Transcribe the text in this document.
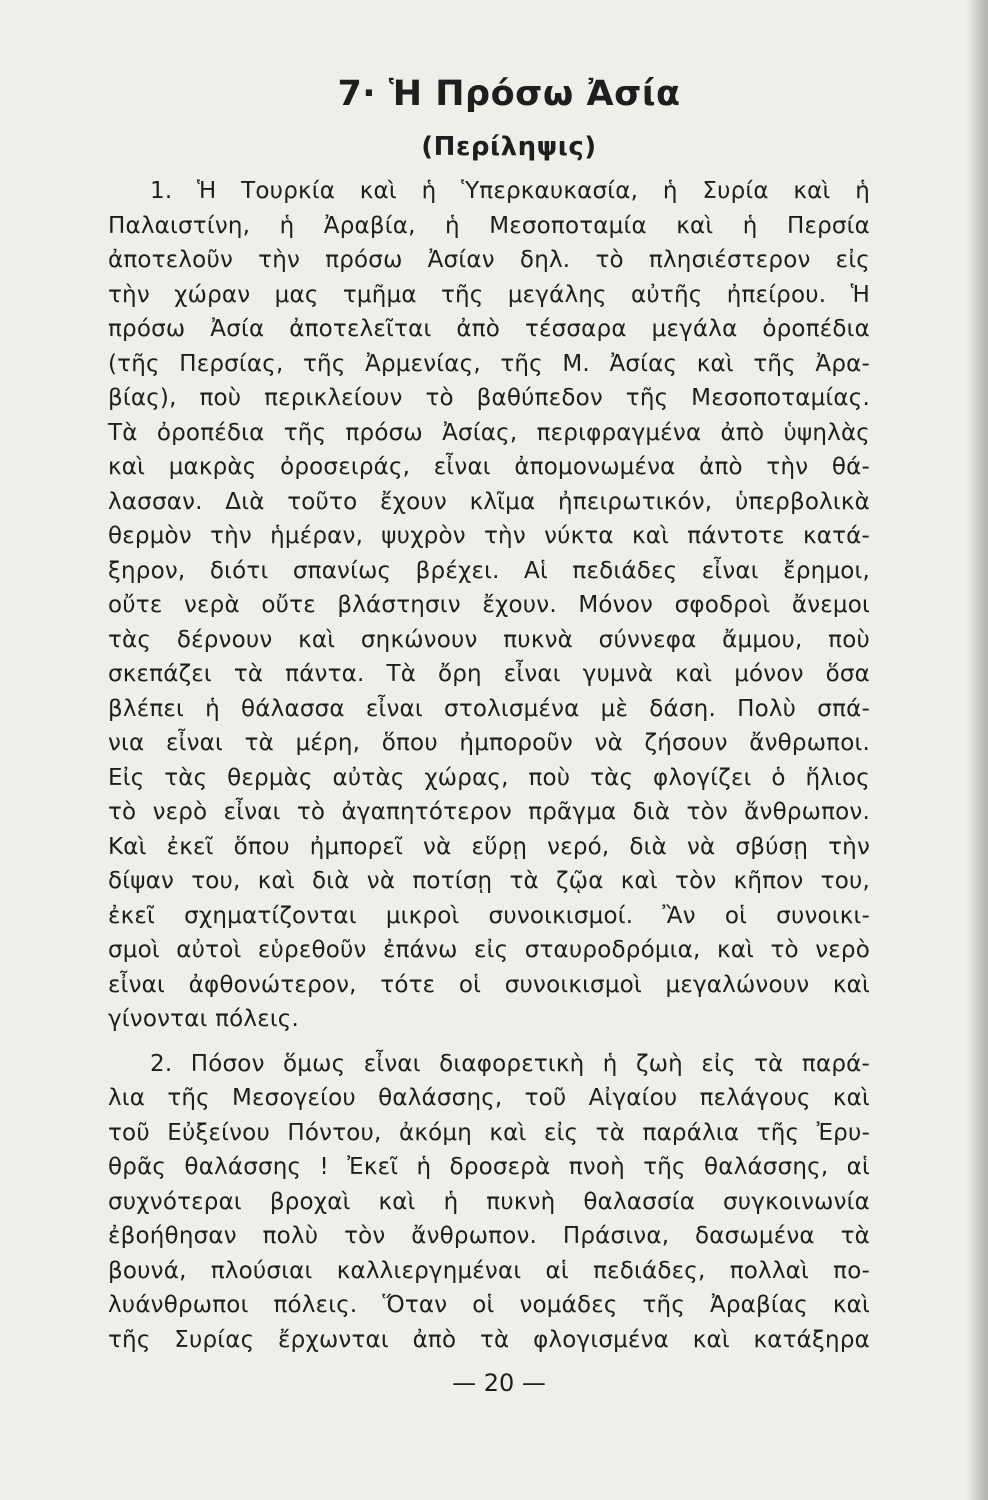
7· Ἡ Πρόσω Ἀσία
(Περίληψις)
1. Ἡ Τουρκία καὶ ἡ Ὑπερκαυκασία, ἡ Συρία καὶ ἡ
Παλαιστίνη, ἡ Ἀραβία, ἡ Μεσοποταμία καὶ ἡ Περσία
ἀποτελοῦν τὴν πρόσω Ἀσίαν δηλ. τὸ πλησιέστερον εἰς
τὴν χώραν μας τμῆμα τῆς μεγάλης αὐτῆς ἠπείρου. Ἡ
πρόσω Ἀσία ἀποτελεῖται ἀπὸ τέσσαρα μεγάλα ὀροπέδια
(τῆς Περσίας, τῆς Ἀρμενίας, τῆς Μ. Ἀσίας καὶ τῆς Ἀρα-
βίας), ποὺ περικλείουν τὸ βαθύπεδον τῆς Μεσοποταμίας.
Τὰ ὀροπέδια τῆς πρόσω Ἀσίας, περιφραγμένα ἀπὸ ὑψηλὰς
καὶ μακρὰς ὀροσειράς, εἶναι ἀπομονωμένα ἀπὸ τὴν θά-
λασσαν. Διὰ τοῦτο ἔχουν κλῖμα ἠπειρωτικόν, ὑπερβολικὰ
θερμὸν τὴν ἡμέραν, ψυχρὸν τὴν νύκτα καὶ πάντοτε κατά-
ξηρον, διότι σπανίως βρέχει. Αἱ πεδιάδες εἶναι ἔρημοι,
οὔτε νερὰ οὔτε βλάστησιν ἔχουν. Μόνον σφοδροὶ ἄνεμοι
τὰς δέρνουν καὶ σηκώνουν πυκνὰ σύννεφα ἄμμου, ποὺ
σκεπάζει τὰ πάντα. Τὰ ὄρη εἶναι γυμνὰ καὶ μόνον ὅσα
βλέπει ἡ θάλασσα εἶναι στολισμένα μὲ δάση. Πολὺ σπά-
νια εἶναι τὰ μέρη, ὅπου ἠμποροῦν νὰ ζήσουν ἄνθρωποι.
Εἰς τὰς θερμὰς αὐτὰς χώρας, ποὺ τὰς φλογίζει ὁ ἥλιος
τὸ νερὸ εἶναι τὸ ἀγαπητότερον πρᾶγμα διὰ τὸν ἄνθρωπον.
Καὶ ἐκεῖ ὅπου ἠμπορεῖ νὰ εὕρῃ νερό, διὰ νὰ σβύσῃ τὴν
δίψαν του, καὶ διὰ νὰ ποτίσῃ τὰ ζῷα καὶ τὸν κῆπον του,
ἐκεῖ σχηματίζονται μικροὶ συνοικισμοί. Ἂν οἱ συνοικι-
σμοὶ αὐτοὶ εὑρεθοῦν ἐπάνω εἰς σταυροδρόμια, καὶ τὸ νερὸ
εἶναι ἀφθονώτερον, τότε οἱ συνοικισμοὶ μεγαλώνουν καὶ
γίνονται πόλεις.
2. Πόσον ὅμως εἶναι διαφορετικὴ ἡ ζωὴ εἰς τὰ παρά-
λια τῆς Μεσογείου θαλάσσης, τοῦ Αἰγαίου πελάγους καὶ
τοῦ Εὐξείνου Πόντου, ἀκόμη καὶ εἰς τὰ παράλια τῆς Ἐρυ-
θρᾶς θαλάσσης ! Ἐκεῖ ἡ δροσερὰ πνοὴ τῆς θαλάσσης, αἱ
συχνότεραι βροχαὶ καὶ ἡ πυκνὴ θαλασσία συγκοινωνία
ἐβοήθησαν πολὺ τὸν ἄνθρωπον. Πράσινα, δασωμένα τὰ
βουνά, πλούσιαι καλλιεργημέναι αἱ πεδιάδες, πολλαὶ πο-
λυάνθρωποι πόλεις. Ὅταν οἱ νομάδες τῆς Ἀραβίας καὶ
τῆς Συρίας ἔρχωνται ἀπὸ τὰ φλογισμένα καὶ κατάξηρα
— 20 —
